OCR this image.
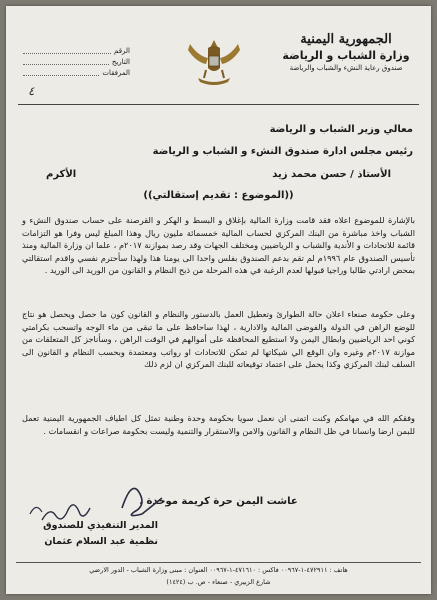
الجمهورية اليمنية
وزارة الشباب و الرياضة
صندوق رعاية النشء والشباب والرياضة
الرقم
التاريخ
المرفقات
٤
معالي وزير الشباب و الرياضة
رئيس مجلس ادارة صندوق النشء و الشباب و الرياضة
الأستاذ / حسن محمد زيد
الأكرم
((الموضوع : تقديم إستقالتي))
بالإشارة للموضوع اعلاه فقد قامت وزارة المالية بإغلاق و البسط و الهكر و القرصنة على حساب صندوق النشء و الشباب واخذ مباشرة من البنك المركزي لحساب المالية خمسمائة مليون ريال وهذا المبلغ ليس وفرا هو التزامات قائمة للاتحادات و الأندية والشباب و الرياضيين ومختلف الجهات وقد رصد بموازنة ٢٠١٧م ، علما ان وزارة المالية ومنذ تأسيس الصندوق عام ١٩٩٦م لم تقم بدعم الصندوق بفلس واحدا الى يومنا هذا ولهذا سأحترم نفسي واقدم استقالتي بمحض ارادتي طالبا وراجيا قبولها لعدم الرغبة في هذه المرحلة من ذبح النظام و القانون من الوريد الى الوريد .
وعلى حكومة صنعاء اعلان حالة الطوارئ وتعطيل العمل بالدستور والنظام و القانون كون ما حصل ويحصل هو نتاج للوضع الراهن في الدولة والفوضى المالية والادارية ، لهذا ساحافظ على ما تبقى من ماء الوجه واتسحب بكرامتي كوني احد الرياضيين وابطال اليمن ولا استطيع المحافظة على أموالهم في الوقت الراهن ، وسأناجز كل المتعلقات من موازنة ٢٠١٧م وغيره وان الوقع الي شيكاتها لم تمكن للاتحادات او رواتب ومعتمدة وبحسب النظام و القانون الى السلف لبنك المركزي وكذا يحمل على اعتماد توقيعاته للبنك المركزي ان لزم ذلك
وفقكم الله في مهامكم وكنت اتمنى ان نعمل سويا بحكومة وحدة وطنية تمثل كل اطياف الجمهورية اليمنية تعمل للبمن ارضا وانسانا في ظل النظام و القانون والامن والاستقرار والتنمية وليست بحكومة صراعات و انقسامات .
عاشت اليمن حرة كريمة موحدة .
المدير التنفيذي للصندوق
نظمية عبد السلام عثمان
هاتف : ٤٧٢٩١١-١-٠٠٩٦٧ فاكس : ٤٧١٦١٠-١-٠٠٩٦٧ العنوان : مبنى وزارة الشباب - الدور الارضي
شارع الزبيري - صنعاء - ص. ب (١٤٢٤)
